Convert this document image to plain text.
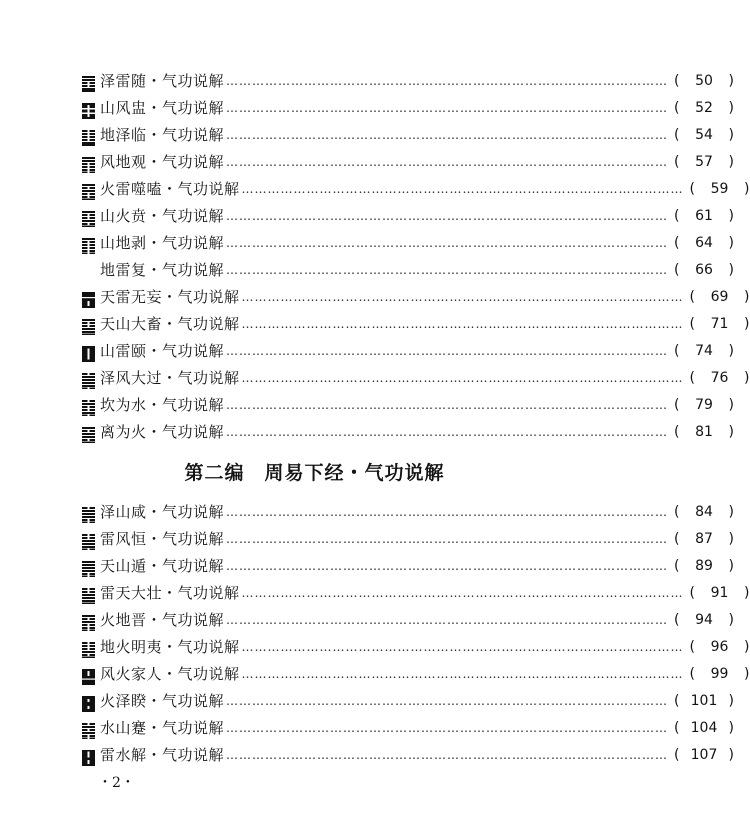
泽雷随・气功说解 ………………………………………………………………………………………… (	50	)
山风盅・气功说解 ………………………………………………………………………………………… (	52	)
地泽临・气功说解 ………………………………………………………………………………………… (	54	)
风地观・气功说解 ………………………………………………………………………………………… (	57	)
火雷噬嗑・气功说解 ………………………………………………………………………………………… (	59	)
山火贲・气功说解 ………………………………………………………………………………………… (	61	)
山地剥・气功说解 ………………………………………………………………………………………… (	64	)
地雷复・气功说解 ………………………………………………………………………………………… (	66	)
天雷无妄・气功说解 ………………………………………………………………………………………… (	69	)
天山大畜・气功说解 ………………………………………………………………………………………… (	71	)
山雷颐・气功说解 ………………………………………………………………………………………… (	74	)
泽风大过・气功说解 ………………………………………………………………………………………… (	76	)
坎为水・气功说解 ………………………………………………………………………………………… (	79	)
离为火・气功说解 ………………………………………………………………………………………… (	81	)
第二编　周易下经・气功说解
泽山咸・气功说解 ………………………………………………………………………………………… (	84	)
雷风恒・气功说解 ………………………………………………………………………………………… (	87	)
天山遁・气功说解 ………………………………………………………………………………………… (	89	)
雷天大壮・气功说解 ………………………………………………………………………………………… (	91	)
火地晋・气功说解 ………………………………………………………………………………………… (	94	)
地火明夷・气功说解 ………………………………………………………………………………………… (	96	)
风火家人・气功说解 ………………………………………………………………………………………… (	99	)
火泽睽・气功说解 ………………………………………………………………………………………… ( 101 )
水山蹇・气功说解 ………………………………………………………………………………………… ( 104 )
雷水解・气功说解 ………………………………………………………………………………………… ( 107 )
・2・
